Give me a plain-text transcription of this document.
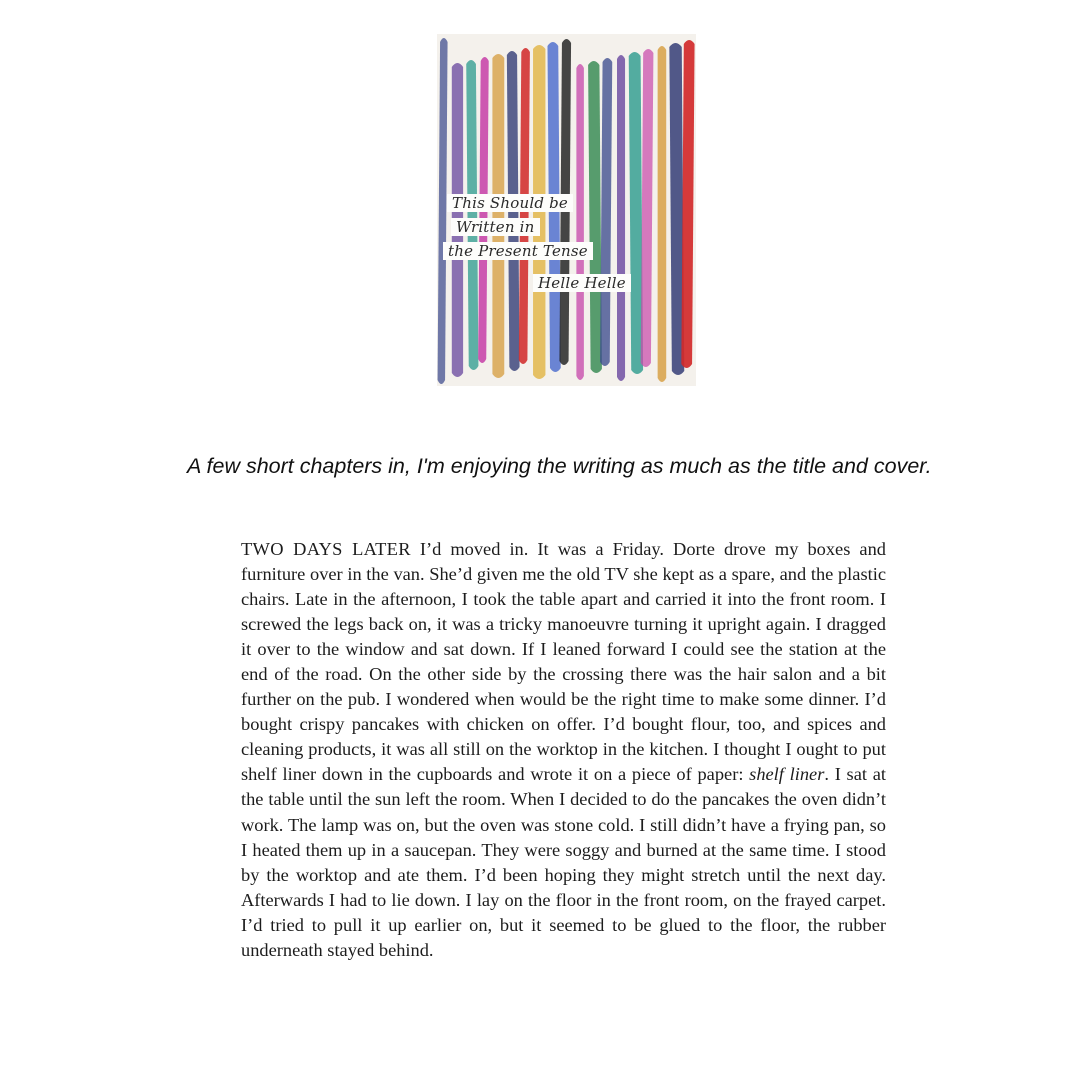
This Should be
Written in
the Present Tense
Helle Helle
A few short chapters in, I'm enjoying the writing as much as the title and cover.
TWO DAYS LATER I’d moved in. It was a Friday. Dorte drove my boxes and furniture over in the van. She’d given me the old TV she kept as a spare, and the plastic chairs. Late in the afternoon, I took the table apart and carried it into the front room. I screwed the legs back on, it was a tricky manoeuvre turning it upright again. I dragged it over to the window and sat down. If I leaned forward I could see the station at the end of the road. On the other side by the crossing there was the hair salon and a bit further on the pub. I wondered when would be the right time to make some dinner. I’d bought crispy pancakes with chicken on offer. I’d bought flour, too, and spices and cleaning products, it was all still on the worktop in the kitchen. I thought I ought to put shelf liner down in the cupboards and wrote it on a piece of paper: shelf liner. I sat at the table until the sun left the room. When I decided to do the pancakes the oven didn’t work. The lamp was on, but the oven was stone cold. I still didn’t have a frying pan, so I heated them up in a saucepan. They were soggy and burned at the same time. I stood by the worktop and ate them. I’d been hoping they might stretch until the next day. Afterwards I had to lie down. I lay on the floor in the front room, on the frayed carpet. I’d tried to pull it up earlier on, but it seemed to be glued to the floor, the rubber underneath stayed behind.
